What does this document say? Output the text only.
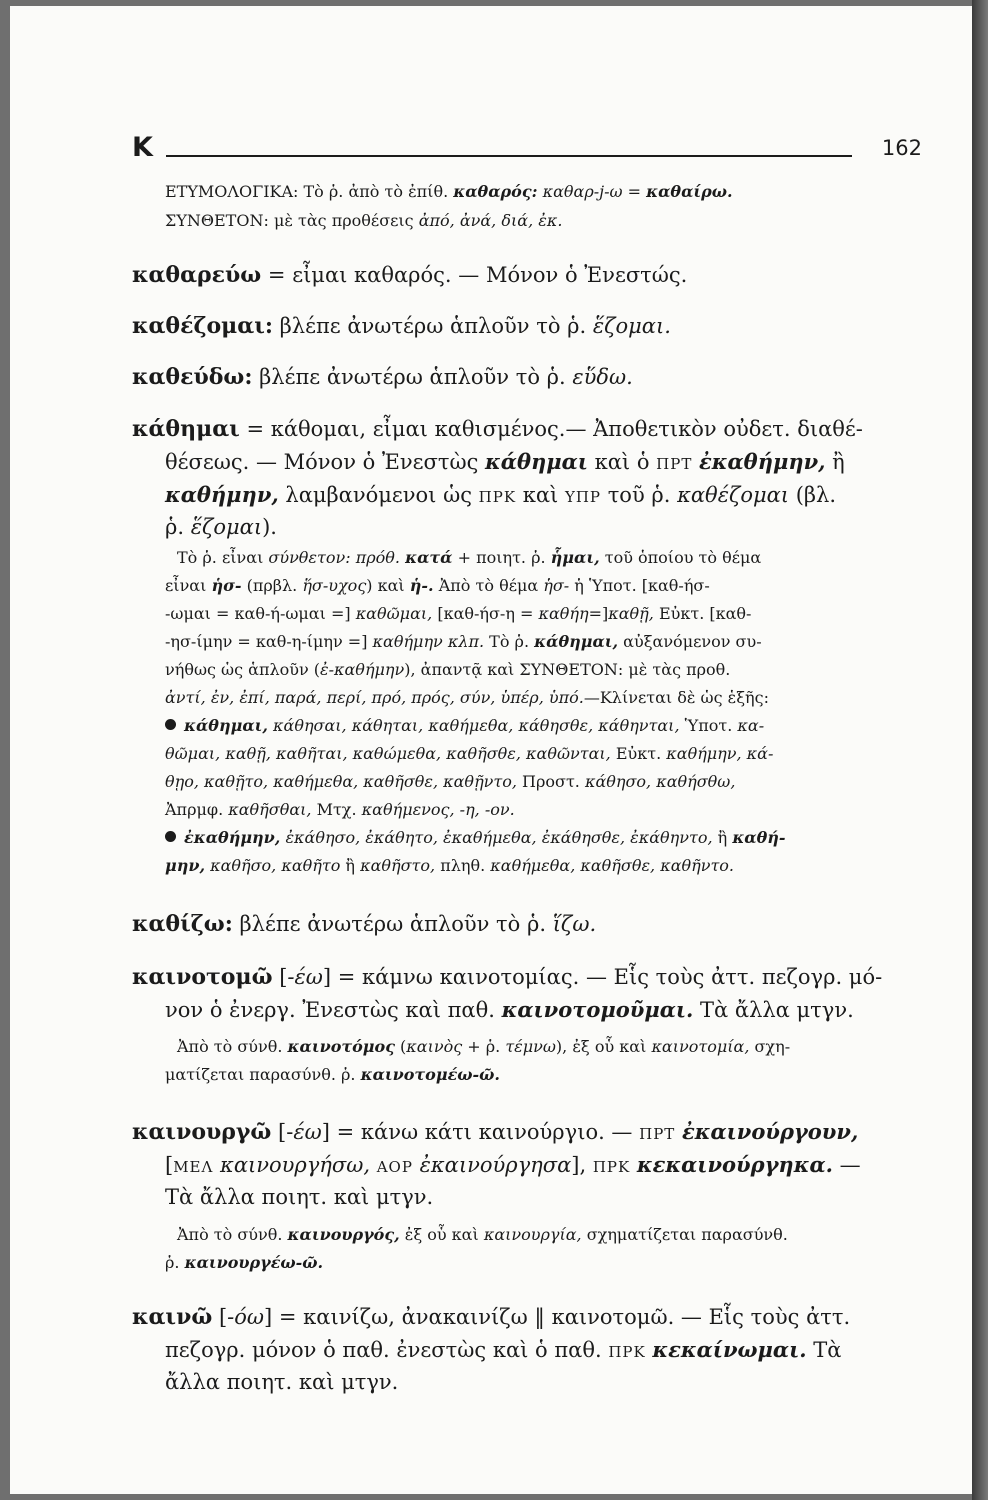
Κ	162
ΕΤΥΜΟΛΟΓΙΚΑ: Τὸ ῥ. ἀπὸ τὸ ἐπίθ. καθαρός: καθαρ-j-ω = καθαίρω.
ΣΥΝΘΕΤΟΝ: μὲ τὰς προθέσεις ἀπό, ἀνά, διά, ἐκ.
καθαρεύω = εἶμαι καθαρός. — Μόνον ὁ Ἐνεστώς.
καθέζομαι: βλέπε ἀνωτέρω ἁπλοῦν τὸ ῥ. ἕζομαι.
καθεύδω: βλέπε ἀνωτέρω ἁπλοῦν τὸ ῥ. εὕδω.
κάθημαι = κάθομαι, εἶμαι καθισμένος.— Ἀποθετικὸν οὐδετ. διαθέ-
θέσεως. — Μόνον ὁ Ἐνεστὼς κάθημαι καὶ ὁ ΠΡΤ ἐκαθήμην, ἢ
καθήμην, λαμβανόμενοι ὡς ΠΡΚ καὶ ΥΠΡ τοῦ ῥ. καθέζομαι (βλ.
ῥ. ἕζομαι).
Τὸ ῥ. εἶναι σύνθετον: πρόθ. κατά + ποιητ. ῥ. ἧμαι, τοῦ ὁποίου τὸ θέμα
εἶναι ἡσ- (πρβλ. ἥσ-υχος) καὶ ἡ-. Ἀπὸ τὸ θέμα ἡσ- ἡ Ὑποτ. [καθ-ήσ-
-ωμαι = καθ-ή-ωμαι =] καθῶμαι, [καθ-ήσ-η = καθήη=]καθῇ, Εὐκτ. [καθ-
-ησ-ίμην = καθ-η-ίμην =] καθήμην κλπ. Τὸ ῥ. κάθημαι, αὐξανόμενον συ-
νήθως ὡς ἁπλοῦν (ἐ-καθήμην), ἀπαντᾷ καὶ ΣΥΝΘΕΤΟΝ: μὲ τὰς προθ.
ἀντί, ἐν, ἐπί, παρά, περί, πρό, πρός, σύν, ὑπέρ, ὑπό.—Κλίνεται δὲ ὡς ἑξῆς:
κάθημαι, κάθησαι, κάθηται, καθήμεθα, κάθησθε, κάθηνται, Ὑποτ. κα-
θῶμαι, καθῇ, καθῆται, καθώμεθα, καθῆσθε, καθῶνται, Εὐκτ. καθήμην, κά-
θῃο, καθῇτο, καθήμεθα, καθῆσθε, καθῇντο, Προστ. κάθησο, καθήσθω,
Ἀπρμφ. καθῆσθαι, Μτχ. καθήμενος, -η, -ον.
ἐκαθήμην, ἐκάθησο, ἐκάθητο, ἐκαθήμεθα, ἐκάθησθε, ἐκάθηντο, ἢ καθή-
μην, καθῆσο, καθῆτο ἢ καθῆστο, πληθ. καθήμεθα, καθῆσθε, καθῆντο.
καθίζω: βλέπε ἀνωτέρω ἁπλοῦν τὸ ῥ. ἵζω.
καινοτομῶ [-έω] = κάμνω καινοτομίας. — Εἷς τοὺς ἀττ. πεζογρ. μό-
νον ὁ ἐνεργ. Ἐνεστὼς καὶ παθ. καινοτομοῦμαι. Τὰ ἄλλα μτγν.
Ἀπὸ τὸ σύνθ. καινοτόμος (καινὸς + ῥ. τέμνω), ἐξ οὗ καὶ καινοτομία, σχη-
ματίζεται παρασύνθ. ῥ. καινοτομέω-ῶ.
καινουργῶ [-έω] = κάνω κάτι καινούργιο. — ΠΡΤ ἐκαινούργουν,
[ΜΕΛ καινουργήσω, ΑΟΡ ἐκαινούργησα], ΠΡΚ κεκαινούργηκα. —
Τὰ ἄλλα ποιητ. καὶ μτγν.
Ἀπὸ τὸ σύνθ. καινουργός, ἐξ οὗ καὶ καινουργία, σχηματίζεται παρασύνθ.
ῥ. καινουργέω-ῶ.
καινῶ [-όω] = καινίζω, ἀνακαινίζω ‖ καινοτομῶ. — Εἷς τοὺς ἀττ.
πεζογρ. μόνον ὁ παθ. ἐνεστὼς καὶ ὁ παθ. ΠΡΚ κεκαίνωμαι. Τὰ
ἄλλα ποιητ. καὶ μτγν.
